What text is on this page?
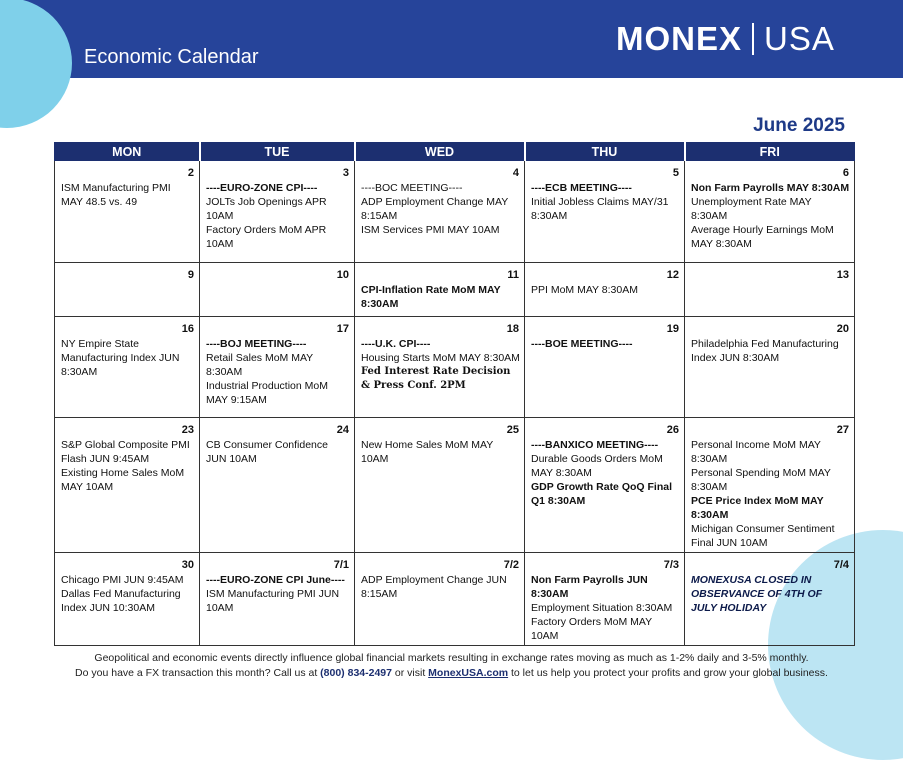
Economic Calendar	MONEX USA
June 2025
MON	TUE	WED	THU	FRI

2
ISM Manufacturing PMI MAY 48.5 vs. 49	3
----EURO-ZONE CPI----
JOLTs Job Openings APR 10AM
Factory Orders MoM APR 10AM	4
----BOC MEETING----
ADP Employment Change MAY 8:15AM
ISM Services PMI MAY 10AM	5
----ECB MEETING----
Initial Jobless Claims MAY/31 8:30AM	6
Non Farm Payrolls MAY 8:30AM
Unemployment Rate MAY 8:30AM
Average Hourly Earnings MoM MAY 8:30AM

9	10	11
CPI-Inflation Rate MoM MAY 8:30AM	12
PPI MoM MAY 8:30AM	13

16
NY Empire State Manufacturing Index JUN 8:30AM	17
----BOJ MEETING----
Retail Sales MoM MAY 8:30AM
Industrial Production MoM MAY 9:15AM	18
----U.K. CPI----
Housing Starts MoM MAY 8:30AM
Fed Interest Rate Decision & Press Conf. 2PM	19
----BOE MEETING----	20
Philadelphia Fed Manufacturing Index JUN 8:30AM

23
S&P Global Composite PMI Flash JUN 9:45AM
Existing Home Sales MoM MAY 10AM	24
CB Consumer Confidence JUN 10AM	25
New Home Sales MoM MAY 10AM	26
----BANXICO MEETING----
Durable Goods Orders MoM MAY 8:30AM
GDP Growth Rate QoQ Final Q1 8:30AM	27
Personal Income MoM MAY 8:30AM
Personal Spending MoM MAY 8:30AM
PCE Price Index MoM MAY 8:30AM
Michigan Consumer Sentiment Final JUN 10AM

30
Chicago PMI JUN 9:45AM
Dallas Fed Manufacturing Index JUN 10:30AM	7/1
----EURO-ZONE CPI June----
ISM Manufacturing PMI JUN 10AM	7/2
ADP Employment Change JUN 8:15AM	7/3
Non Farm Payrolls JUN 8:30AM
Employment Situation 8:30AM
Factory Orders MoM MAY 10AM	7/4
MONEXUSA CLOSED IN OBSERVANCE OF 4TH OF JULY HOLIDAY
Geopolitical and economic events directly influence global financial markets resulting in exchange rates moving as much as 1-2% daily and 3-5% monthly.
Do you have a FX transaction this month? Call us at (800) 834-2497 or visit MonexUSA.com to let us help you protect your profits and grow your global business.
